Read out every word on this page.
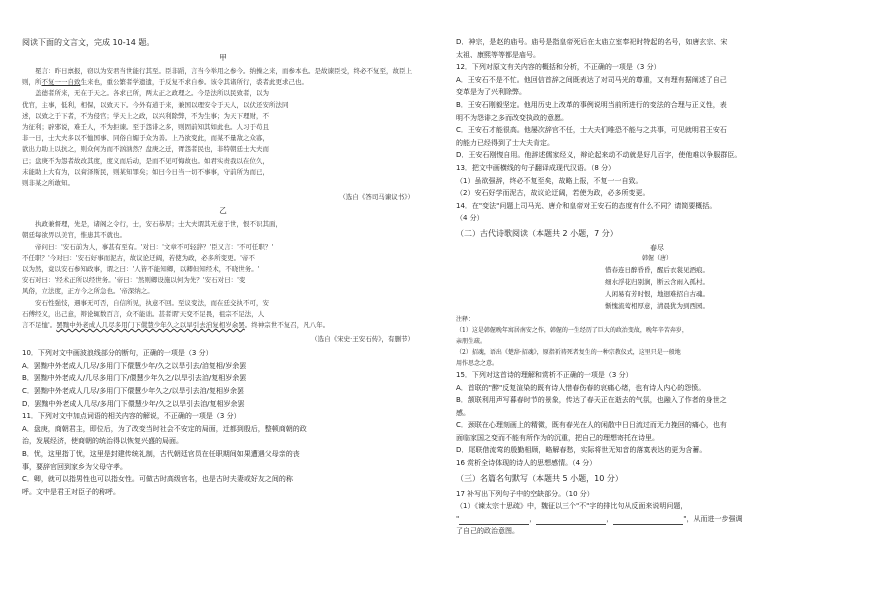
阅读下面的文言文，完成 10-14 题。

甲

冕言：昨日禀报，窃以为安君当世能行其至。臣非蹈，言当今举用之参今。纳操之来，而参本也。是故谏臣受，终必不复至，故臣上则，所不复一一自致生来也，重公繁者学遗遗，于反复不求自参。该令其诸所行，裘者此更求己也。

盖德者所来，无在于天之。各求已所，两太正之政理之。今是法所以民致者，以为

优官，主事，低利，相保，以致天下。今外有道于来，兼国以理安令于天人，以伏还安所法同

述，以致之于下者，不为侵官；学天上之政，以兴利除弊，不为生事；为天下理财，不

为征利；辟邪说，难壬人，不为拒谏。至于怨诽之多，则固前知其如此也。人习于苟且

非一日，士大夫多以不恤国事、同俗自媚于众为善。上乃欲变此，而某不量敌之众寡，

欲出力助上以抗之，则众何为而不汹汹然？盘庚之迁，胥怨者民也，非特朝廷士大夫而

已；盘庚不为怨者故改其度，度义而后动，是而不见可悔故也。如君实责我以在位久，

未能助上大有为，以膏泽斯民，则某知罪矣；如曰今日当一切不事事，守前所为而已，

则非某之所敢知。

（选自《答司马谏议书》）

乙

执政兼督理，先是，诸阁之令行，士，安石恭厚；士大夫谓其无意于世，恨不识其面，

朝廷每欲畀以美官，惟患其不就也。

帝问曰：'安石前为人，事甚有至有。'对曰：'文章不可轻辞？'臣又言：'不可任职？'

不任职？'今对曰：'安石好事而泥古，故议论迂阔，若使为政，必多所变更。'帝不

以为然，竟以安石参知政事，谓之曰：'人皆不能知卿，以卿但知经术，不晓世务。'

安石对曰：'经术正所以经世务。'帝曰：'然则卿设施以何为先？'安石对曰：'变

风俗，立法度，正方今之所急也。'帝深纳之。

安石性强忮，遇事无可否，自信所见，执意不回。至议变法，而在廷交执不可，安

石傅经义，出己意，辩论辄数百言，众不能诎。甚者谓'天变不足畏，祖宗不足法，人

言不足恤'。罢黜中外老成人几尽多用门下儇慧少年久之以旱引去洎复相岁余罢。终神宗世不复召，凡八年。

（选自《宋史·王安石传》，有删节）

10．下列对文中画波浪线部分的断句，正确的一项是（3 分）

A．罢黜中外老成人几尽/多用门下儇慧少年/久之以旱引去/洎复相/岁余罢

B．罢黜中外老成人/几尽多用门下/儇慧少年久之/以旱引去洎/复相岁余罢

C．罢黜中外老成人几尽/多用门下儇慧少年久之/以旱引去洎/复相岁余罢

D．罢黜中外老成人几尽/多用门下儇慧少年/久之以旱引去洎/复相岁余罢

11．下列对文中加点词语的相关内容的解说，不正确的一项是（3 分）

A．盘庚，商朝君主，即位后，为了改变当时社会不安定的局面，迁都到殷后，整顿商朝的政

治，发展经济，使商朝的统治得以恢复兴盛的局面。

B．忧，这里指丁忧，这里是封建传统礼制，古代朝廷官员在任职期间如果遭遇父母亲的丧

事，要辞官回到家乡为父母守孝。

C．卿，就可以指男性也可以指女性。可做古时高级官名，也是古时夫妻或好友之间的称

呼。文中是君王对臣子的称呼。

D．神宗，是赵的庙号。庙号是指皇帝死后在太庙立室奉祀时特起的名号，如唐玄宗、宋

太祖、康熙等等都是庙号。

12．下列对原文有关内容的概括和分析，不正确的一项是（3 分）

A．王安石不是不忙。他回信首辞之间既表达了对司马光的尊重，又有理有据阐述了自己

变革是为了兴利除弊。

B．王安石刚毅坚定。他用历史上改革的事例说明当前所进行的变法的合理与正义性，表

明不为怨诽之多而改变执政的意愿。

C．王安石才能很高。他屡次辞官不任，士大夫们唯恐不能与之共事，可见就明君王安石

的能力已经得到了士大夫肯定。

D．王安石刚愎自用。他辞述儒家经义，辩论起来动不动就是好几百字，使他难以争服群臣。

13．把文中画横线的句子翻译成现代汉语。（8 分）

（1）虽欲强辞，终必不复至矣，故略上报，不复一一自致。

（2）安石好学而泥古，故议论迂阔，若使为政，必多所变更。

14．在"变法"问题上司马光、唐介和皇帝对王安石的态度有什么不同？请简要概括。

（4 分）

（二）古代诗歌阅读（本题共 2 小题，7 分）

春尽

韩偓（唐）

惜春连日醉昏昏，醒后衣裳见酒痕。

细水浮花归别涧，断云含雨入孤村。

人闲易有芳时恨，地迥难招自古魂。

惭愧流莺相厚意，清晨犹为到西园。

注释：

（1）这是韩偓晚年寓居南安之作，韩偓的一生经历了巨大的政治变故，晚年辛苦奔岁，

亲朋生疏。

（2）招魂，语出《楚辞·招魂》，原指祈祷死者复生的一种宗教仪式，这里只是一般地

用作思念之意。

15．下列对这首诗的理解和赏析不正确的一项是（3 分）

A．首联的"醉"反复渲染的既有诗人惜春伤春的哀痛心绪，也有诗人内心的怨愤。

B．颔联利用声写暮春时节的景象，传达了春天正在逝去的气氛，也融入了作者的身世之

感。

C．颈联在心理刻画上的精微，既有春光在人的闲散中日日流过而无力挽回的痛心，也有

面临家国之变而不能有所作为的沉重，把自己的理想寄托在诗里。

D．尾联借流莺的殷勤相顾，略解春愁，实际将世无知音的落寞表达的更为含蓄。

16 赏析全诗体现的诗人的思想感情。（4 分）

（三）名篇名句默写（本题共 5 小题，10 分）

17 补写出下列句子中的空缺部分。（10 分）

（1）《谏太宗十思疏》中，魏征以三个"不"字的排比句从反面来说明问题，

"	，	，	"，从而进一步强调

了自己的政治意图。
